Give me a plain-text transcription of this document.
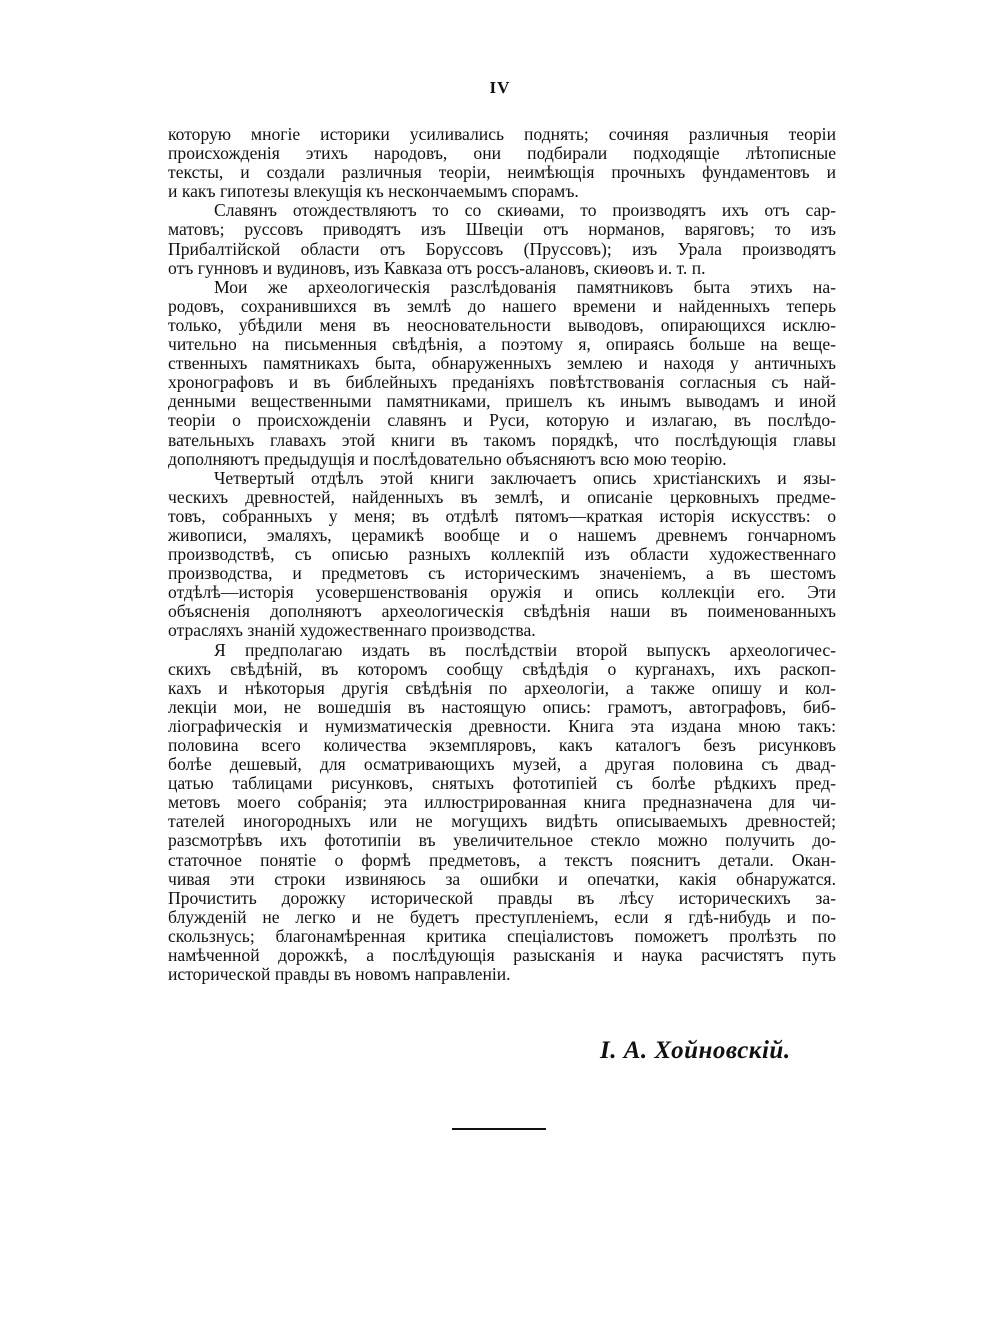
IV
которую многіе историки усиливались поднять; сочиняя различныя теоріи
происхожденія этихъ народовъ, они подбирали подходящіе лѣтописные
тексты, и создали различныя теоріи, неимѣющія прочныхъ фундаментовъ и
и какъ гипотезы влекущія къ нескончаемымъ спорамъ.
Славянъ отождествляютъ то со скиѳами, то производятъ ихъ отъ сар-
матовъ; руссовъ приводятъ изъ Швеціи отъ норманов, варяговъ; то изъ
Прибалтійской области отъ Боруссовъ (Пруссовъ); изъ Урала производятъ
отъ гунновъ и вудиновъ, изъ Кавказа отъ россъ-алановъ, скиѳовъ и. т. п.
Мои же археологическія разслѣдованія памятниковъ быта этихъ на-
родовъ, сохранившихся въ землѣ до нашего времени и найденныхъ теперь
только, убѣдили меня въ неосновательности выводовъ, опирающихся исклю-
чительно на письменныя свѣдѣнія, а поэтому я, опираясь больше на веще-
ственныхъ памятникахъ быта, обнаруженныхъ землею и находя у античныхъ
хронографовъ и въ библейныхъ преданіяхъ повѣтствованія согласныя съ най-
денными вещественными памятниками, пришелъ къ инымъ выводамъ и иной
теоріи о происхожденіи славянъ и Руси, которую и излагаю, въ послѣдо-
вательныхъ главахъ этой книги въ такомъ порядкѣ, что послѣдующія главы
дополняютъ предыдущія и послѣдовательно объясняютъ всю мою теорію.
Четвертый отдѣлъ этой книги заключаетъ опись христіанскихъ и язы-
ческихъ древностей, найденныхъ въ землѣ, и описаніе церковныхъ предме-
товъ, собранныхъ у меня; въ отдѣлѣ пятомъ—краткая исторія искусствъ: о
живописи, эмаляхъ, церамикѣ вообще и о нашемъ древнемъ гончарномъ
производствѣ, съ описью разныхъ коллекпій изъ области художественнаго
производства, и предметовъ съ историческимъ значеніемъ, а въ шестомъ
отдѣлѣ—исторія усовершенствованія оружія и опись коллекціи его. Эти
объясненія дополняютъ археологическія свѣдѣнія наши въ поименованныхъ
отрасляхъ знаній художественнаго производства.
Я предполагаю издать въ послѣдствіи второй выпускъ археологичес-
скихъ свѣдѣній, въ которомъ сообщу свѣдѣдія о курганахъ, ихъ раскоп-
кахъ и нѣкоторыя другія свѣдѣнія по археологіи, а также опишу и кол-
лекціи мои, не вошедшія въ настоящую опись: грамотъ, автографовъ, биб-
ліографическія и нумизматическія древности. Книга эта издана мною такъ:
половина всего количества экземпляровъ, какъ каталогъ безъ рисунковъ
болѣе дешевый, для осматривающихъ музей, а другая половина съ двад-
цатью таблицами рисунковъ, снятыхъ фототипіей съ болѣе рѣдкихъ пред-
метовъ моего собранія; эта иллюстрированная книга предназначена для чи-
тателей иногородныхъ или не могущихъ видѣть описываемыхъ древностей;
разсмотрѣвъ ихъ фототипіи въ увеличительное стекло можно получить до-
статочное понятіе о формѣ предметовъ, а текстъ пояснитъ детали. Окан-
чивая эти строки извиняюсь за ошибки и опечатки, какія обнаружатся.
Прочистить дорожку исторической правды въ лѣсу историческихъ за-
блужденій не легко и не будетъ преступленіемъ, если я гдѣ-нибудь и по-
скользнусь; благонамѣренная критика спеціалистовъ поможетъ пролѣзть по
намѣченной дорожкѣ, а послѣдующія разысканія и наука расчистятъ путь
исторической правды въ новомъ направленіи.
І. А. Хойновскій.
